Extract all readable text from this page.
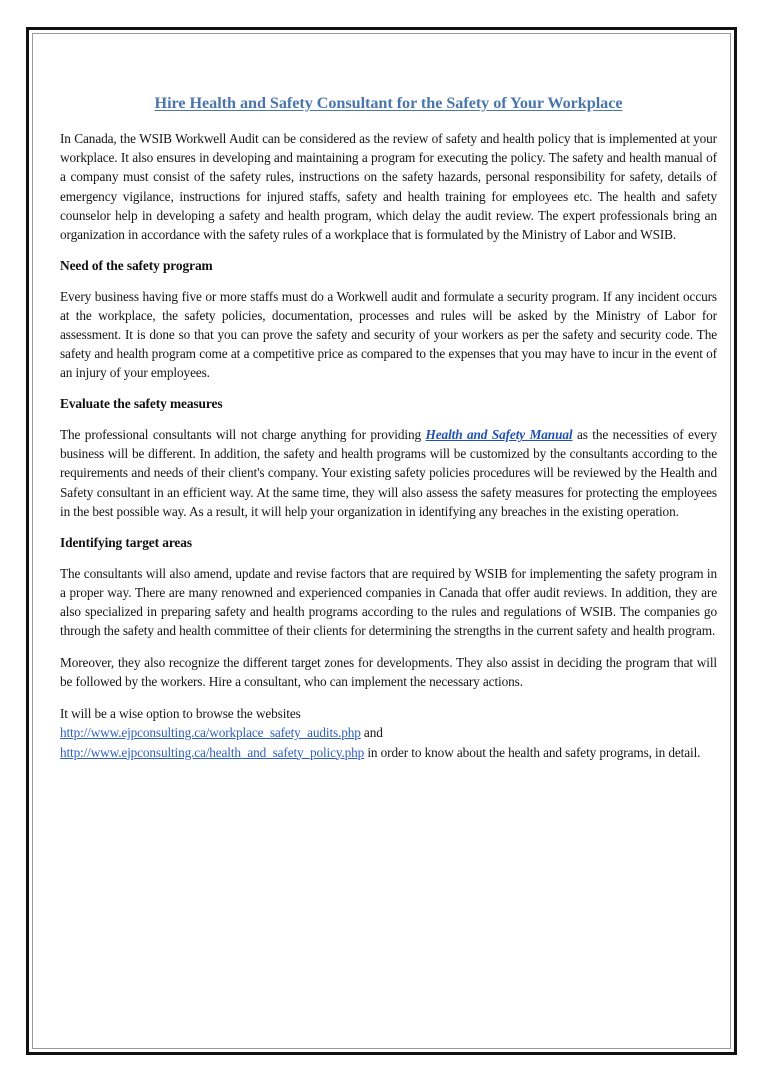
Hire Health and Safety Consultant for the Safety of Your Workplace

In Canada, the WSIB Workwell Audit can be considered as the review of safety and health policy that is implemented at your workplace. It also ensures in developing and maintaining a program for executing the policy. The safety and health manual of a company must consist of the safety rules, instructions on the safety hazards, personal responsibility for safety, details of emergency vigilance, instructions for injured staffs, safety and health training for employees etc. The health and safety counselor help in developing a safety and health program, which delay the audit review. The expert professionals bring an organization in accordance with the safety rules of a workplace that is formulated by the Ministry of Labor and WSIB.

Need of the safety program

Every business having five or more staffs must do a Workwell audit and formulate a security program. If any incident occurs at the workplace, the safety policies, documentation, processes and rules will be asked by the Ministry of Labor for assessment. It is done so that you can prove the safety and security of your workers as per the safety and security code. The safety and health program come at a competitive price as compared to the expenses that you may have to incur in the event of an injury of your employees.

Evaluate the safety measures

The professional consultants will not charge anything for providing Health and Safety Manual as the necessities of every business will be different. In addition, the safety and health programs will be customized by the consultants according to the requirements and needs of their client's company. Your existing safety policies procedures will be reviewed by the Health and Safety consultant in an efficient way. At the same time, they will also assess the safety measures for protecting the employees in the best possible way. As a result, it will help your organization in identifying any breaches in the existing operation.

Identifying target areas

The consultants will also amend, update and revise factors that are required by WSIB for implementing the safety program in a proper way. There are many renowned and experienced companies in Canada that offer audit reviews. In addition, they are also specialized in preparing safety and health programs according to the rules and regulations of WSIB. The companies go through the safety and health committee of their clients for determining the strengths in the current safety and health program.

Moreover, they also recognize the different target zones for developments. They also assist in deciding the program that will be followed by the workers. Hire a consultant, who can implement the necessary actions.

It will be a wise option to browse the websites
http://www.ejpconsulting.ca/workplace_safety_audits.php and
http://www.ejpconsulting.ca/health_and_safety_policy.php in order to know about the health and safety programs, in detail.
